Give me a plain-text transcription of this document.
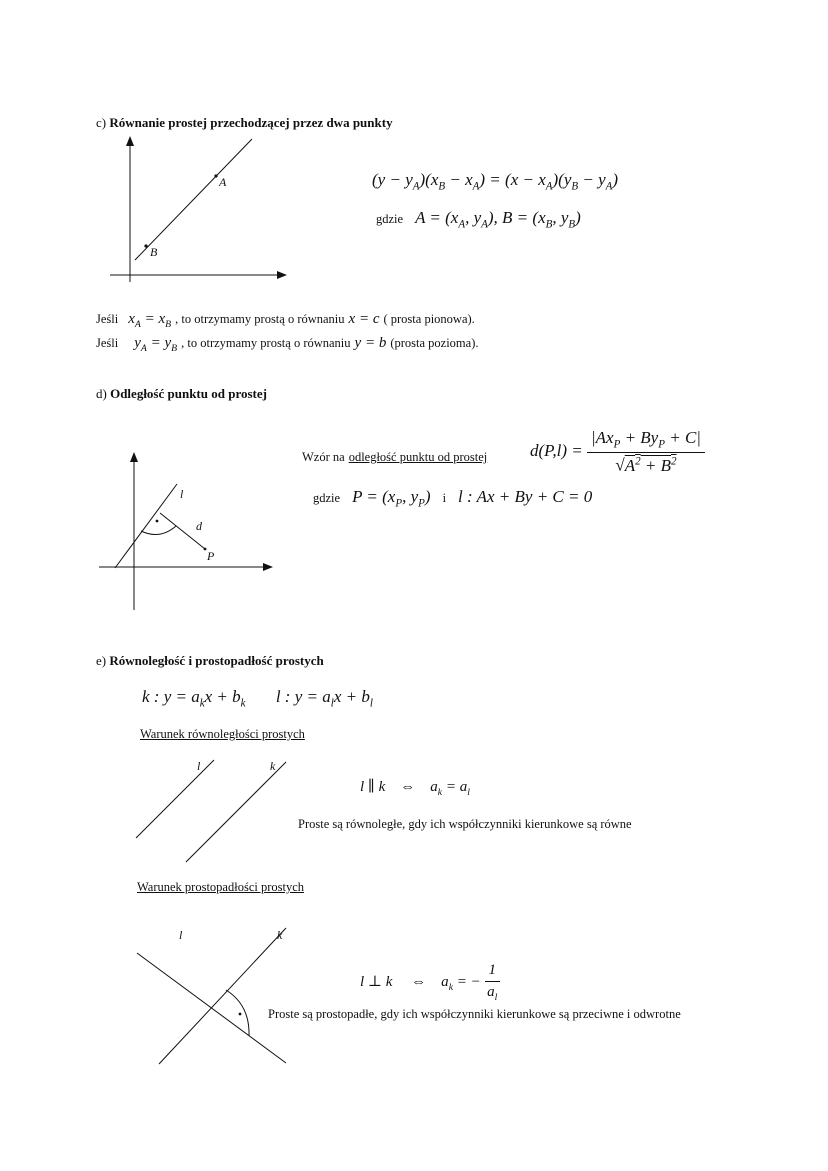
c) Równanie prostej przechodzącej przez dwa punkty
A
B
$(y - y_A)(x_B - x_A) = (x - x_A)(y_B - y_A)$
gdzie $A = (x_A$, $y_A$), $B = (x_B$, $y_B$)
Jeśli $x_A = x_B$ , to otrzymamy prostą o równaniu x = c ( prosta pionowa).
Jeśli $y_A = y_B$ , to otrzymamy prostą o równaniu y = b (prosta pozioma).
d) Odległość punktu od prostej
l
d
P
Wzór na odległość punktu od prostej	$d(P,l) = \frac{|Ax_P + By_P + C|}{√A^2 + B^2}$
gdzie $P = (x_P$, $y_P$) i l : Ax + By + C = 0
e) Równoległość i prostopadłość prostych
k : $y = a_kx + b_k$ l : $y = a_lx + b_l$
Warunek równoległości prostych
l	k
l ∥ k    ⇔    $a_k = a_l$
Proste są równoległe, gdy ich współczynniki kierunkowe są równe
Warunek prostopadłości prostych
l	k
l ⊥ k     ⇔    $a_k$ = − $\frac{1}{a_l}$
Proste są prostopadłe, gdy ich współczynniki kierunkowe są przeciwne i odwrotne
